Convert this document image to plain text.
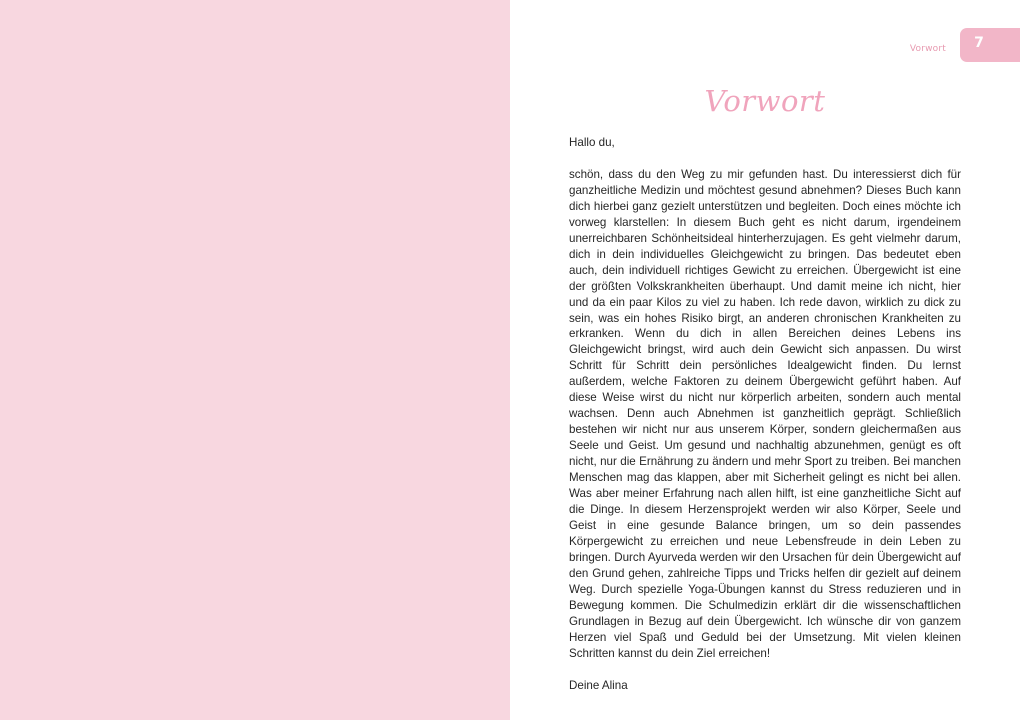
Vorwort	7
Vorwort

Hallo du,

schön, dass du den Weg zu mir gefunden hast. Du interessierst dich für ganzheitliche Medizin und möchtest gesund abnehmen? Dieses Buch kann dich hierbei ganz gezielt unterstützen und begleiten. Doch eines möchte ich vorweg klarstellen: In diesem Buch geht es nicht darum, irgendeinem unerreichbaren Schönheitsideal hinterherzujagen. Es geht vielmehr darum, dich in dein individuelles Gleichgewicht zu bringen. Das bedeutet eben auch, dein individuell richtiges Gewicht zu erreichen. Übergewicht ist eine der größten Volkskrankheiten überhaupt. Und damit meine ich nicht, hier und da ein paar Kilos zu viel zu haben. Ich rede davon, wirklich zu dick zu sein, was ein hohes Risiko birgt, an anderen chronischen Krankheiten zu erkranken. Wenn du dich in allen Bereichen deines Lebens ins Gleichgewicht bringst, wird auch dein Gewicht sich anpassen. Du wirst Schritt für Schritt dein persönliches Idealgewicht finden. Du lernst außerdem, welche Faktoren zu deinem Übergewicht geführt haben. Auf diese Weise wirst du nicht nur körperlich arbeiten, sondern auch mental wachsen. Denn auch Abnehmen ist ganzheitlich geprägt. Schließlich bestehen wir nicht nur aus unserem Körper, sondern gleichermaßen aus Seele und Geist. Um gesund und nachhaltig abzunehmen, genügt es oft nicht, nur die Ernährung zu ändern und mehr Sport zu treiben. Bei manchen Menschen mag das klappen, aber mit Sicherheit gelingt es nicht bei allen. Was aber meiner Erfahrung nach allen hilft, ist eine ganzheitliche Sicht auf die Dinge. In diesem Herzensprojekt werden wir also Körper, Seele und Geist in eine gesunde Balance bringen, um so dein passendes Körpergewicht zu erreichen und neue Lebensfreude in dein Leben zu bringen. Durch Ayurveda werden wir den Ursachen für dein Übergewicht auf den Grund gehen, zahlreiche Tipps und Tricks helfen dir gezielt auf deinem Weg. Durch spezielle Yoga-Übungen kannst du Stress reduzieren und in Bewegung kommen. Die Schulmedizin erklärt dir die wissenschaftlichen Grundlagen in Bezug auf dein Übergewicht. Ich wünsche dir von ganzem Herzen viel Spaß und Geduld bei der Umsetzung. Mit vielen kleinen Schritten kannst du dein Ziel erreichen!

Deine Alina
